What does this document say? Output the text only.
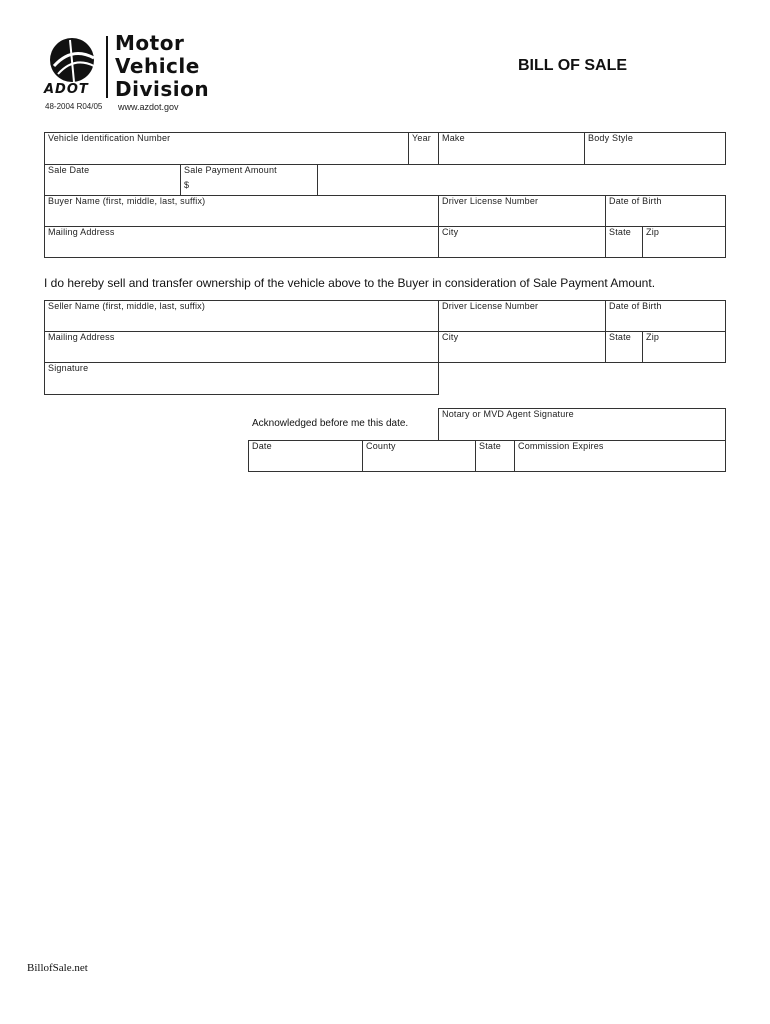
ADOT
Motor
Vehicle
Division
48-2004 R04/05 www.azdot.gov
BILL OF SALE
Vehicle Identification Number	Year Make	Body Style
Sale Date	Sale Payment Amount
$
Buyer Name (first, middle, last, suffix)	Driver License Number	Date of Birth
Mailing Address	City	State Zip
I do hereby sell and transfer ownership of the vehicle above to the Buyer in consideration of Sale Payment Amount.
Seller Name (first, middle, last, suffix)	Driver License Number	Date of Birth
Mailing Address	City	State Zip
Signature
Acknowledged before me this date.
Notary or MVD Agent Signature
Date	County	State Commission Expires
BillofSale.net
